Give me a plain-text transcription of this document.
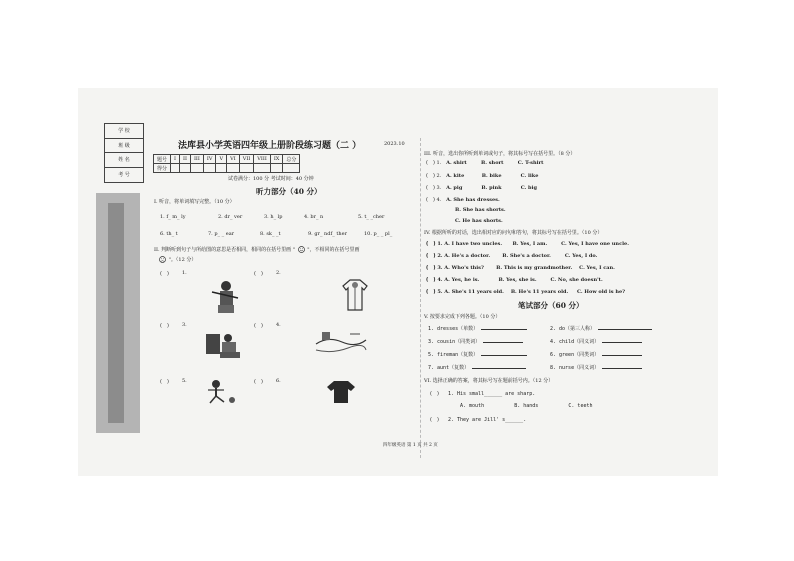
学 校
班 级
姓 名
考 号
法库县小学英语四年级上册阶段练习题（二 ）	2023.10
题号	I	II	III	IV	V	VI	VII	VIII	IX	总分
得分										
试卷满分：100 分 考试时间：40 分钟
听力部分（40 分）
I. 听音，将单词填写完整。（10 分）
1. f_ m_ ly	2. dr_ ver	3. h_ lp	4. br_ n	5. t_ _cher
6. th_ t	7. p_ _ ear	8. sk_ _t	9. gr_ ndf_ ther	10. p_ _ pl_
II. 判断听到句子与所给图的意思是否相同，相同的在括号里画 " "，不相同的在括号里画
"。（12 分）
(　)	1.	(　)	2.
(　)	3.	(　)	4.
(　)	5.	(　)	6.
III. 听音，选出你所听到单词或句子，将其标号写在括号里。（8 分）
(　) 1. A. shirt	B. short	C. T-shirt
(　) 2. A. kite	B. bike	C. like
(　) 3. A. pig	B. pink	C. big
(　) 4. A. She has dresses.
B. She has shorts.
C. He has shorts.
IV. 根据所听的对话，选出相对应的问句和答句，将其标号写在括号里。（10 分）
(　) 1. A. I have two uncles. B. Yes, I am.	C. Yes, I have one uncle.
(　) 2. A. He's a doctor. B. She's a doctor.	C. Yes, I do.
(　) 3. A. Who's this? B. This is my grandmother. C. Yes, I can.
(　) 4. A. Yes, he is.	B. Yes, she is.	C. No, she doesn't.
(　) 5. A. She's 11 years old. B. He's 11 years old. C. How old is he?
笔试部分（60 分）
V. 按要求完成下列各题。（10 分）
1. dresses（单数）	2. do（第三人称）
3. cousin（同类词）	4. child（同义词）
5. fireman（复数）	6. green（同类词）
7. aunt（复数）	8. nurse（同义词）
VI. 选择正确的答案，将其标号写在题前括号内。（12 分）
(　) 1. His small______ are sharp.
A. mouth	B. hands	C. teeth
(　) 2. They are Jill' s______.
四年级英语 第 1 页 共 2 页
